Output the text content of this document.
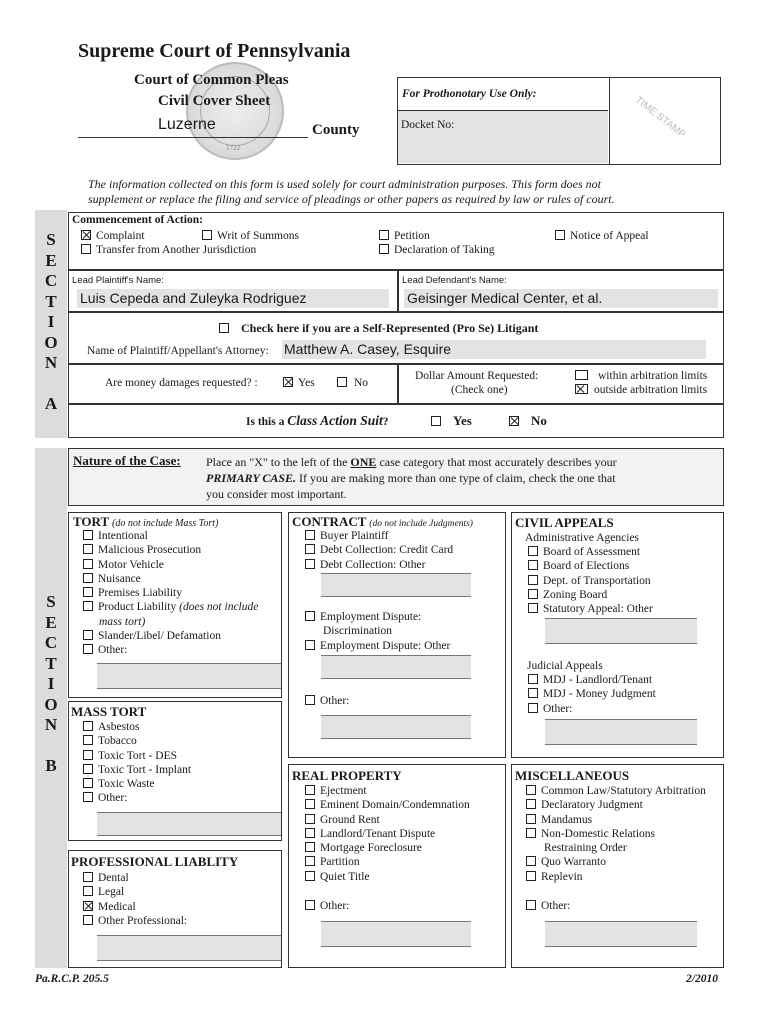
Supreme Court of Pennsylvania
1722
Court of Common Pleas
Civil Cover Sheet
Luzerne	County
For Prothonotary Use Only:
Docket No:	TIME STAMP
The information collected on this form is used solely for court administration purposes. This form does not
supplement or replace the filing and service of pleadings or other papers as required by law or rules of court.
S
E
C
T
I
O
N
A
Commencement of Action:
Complaint	Writ of Summons	Petition	Notice of Appeal
Transfer from Another Jurisdiction	Declaration of Taking
Lead Plaintiff's Name:
Luis Cepeda and Zuleyka Rodriguez
Lead Defendant's Name:
Geisinger Medical Center, et al.
Check here if you are a Self-Represented (Pro Se) Litigant
Name of Plaintiff/Appellant's Attorney: Matthew A. Casey, Esquire
Are money damages requested? :	Yes	No
Dollar Amount Requested:
(Check one)
within arbitration limits
outside arbitration limits
Is this a Class Action Suit?	Yes	No
S
E
C
T
I
O
N
B
Nature of the Case: Place an "X" to the left of the ONE case category that most accurately describes your
PRIMARY CASE. If you are making more than one type of claim, check the one that
you consider most important.
TORT (do not include Mass Tort)
Intentional
Malicious Prosecution
Motor Vehicle
Nuisance
Premises Liability
Product Liability (does not include
mass tort)
Slander/Libel/ Defamation
Other:
MASS TORT
Asbestos
Tobacco
Toxic Tort - DES
Toxic Tort - Implant
Toxic Waste
Other:
PROFESSIONAL LIABLITY
Dental
Legal
Medical
Other Professional:
CONTRACT (do not include Judgments)
Buyer Plaintiff
Debt Collection: Credit Card
Debt Collection: Other
Employment Dispute:
Discrimination
Employment Dispute: Other
Other:
REAL PROPERTY
Ejectment
Eminent Domain/Condemnation
Ground Rent
Landlord/Tenant Dispute
Mortgage Foreclosure
Partition
Quiet Title
Other:
CIVIL APPEALS
Administrative Agencies
Board of Assessment
Board of Elections
Dept. of Transportation
Zoning Board
Statutory Appeal: Other
Judicial Appeals
MDJ - Landlord/Tenant
MDJ - Money Judgment
Other:
MISCELLANEOUS
Common Law/Statutory Arbitration
Declaratory Judgment
Mandamus
Non-Domestic Relations
Restraining Order
Quo Warranto
Replevin
Other:
Pa.R.C.P. 205.5	2/2010
